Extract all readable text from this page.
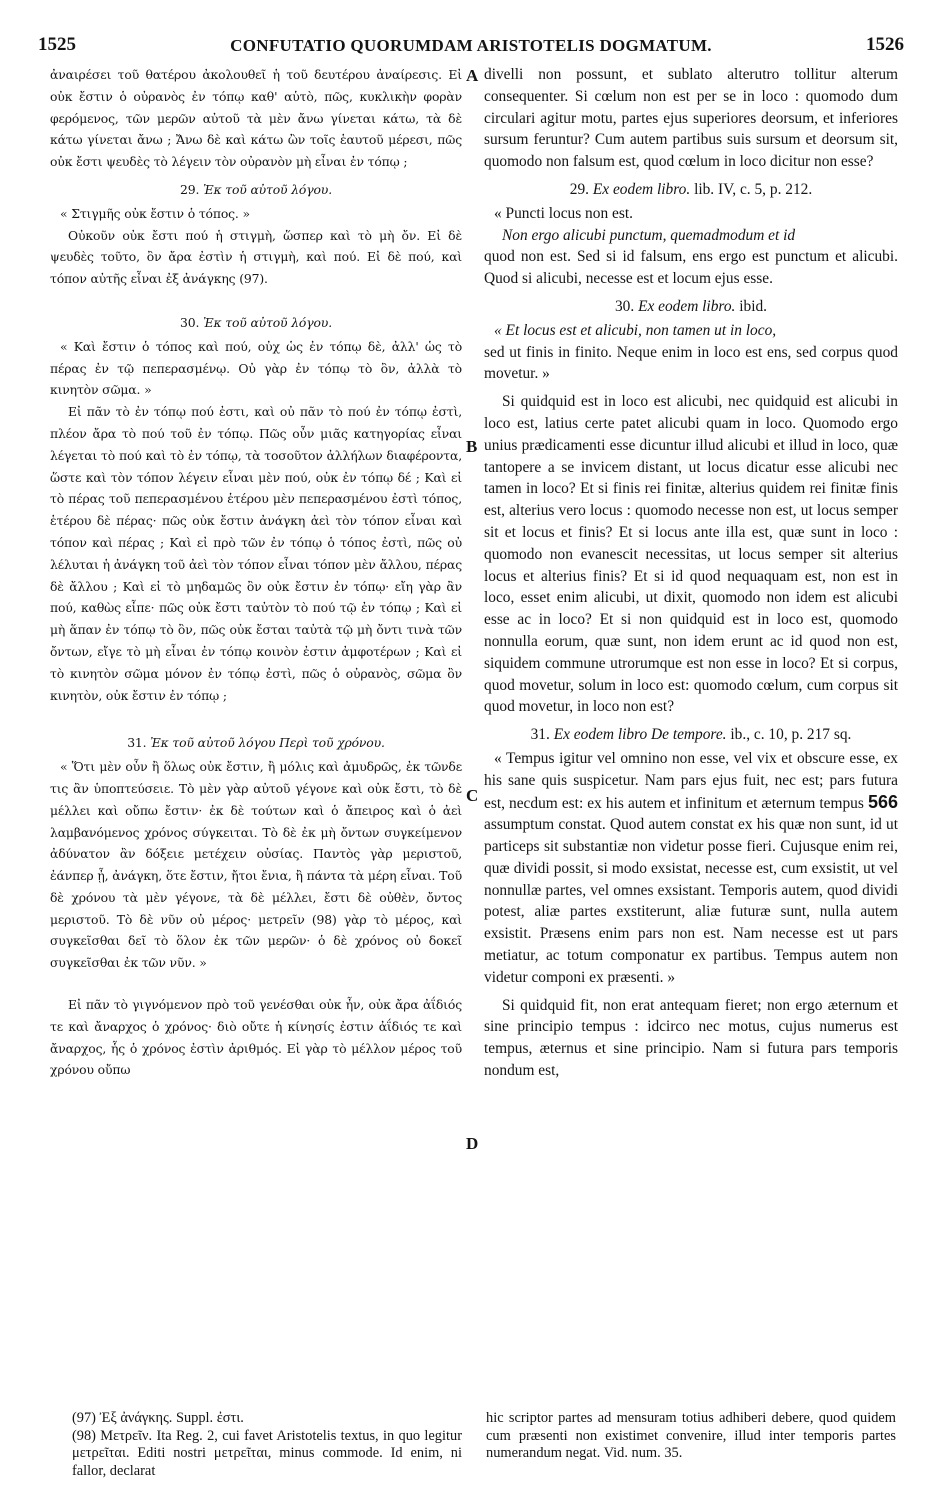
1525	CONFUTATIO QUORUMDAM ARISTOTELIS DOGMATUM.	1526
A
B
C
D

ἀναιρέσει τοῦ θατέρου ἀκολουθεῖ ἡ τοῦ δευτέρου ἀναίρεσις. Εἰ οὐκ ἔστιν ὁ οὐρανὸς ἐν τόπῳ καθ' αὑτὸ, πῶς, κυκλικὴν φορὰν φερόμενος, τῶν μερῶν αὐτοῦ τὰ μὲν ἄνω γίνεται κάτω, τὰ δὲ κάτω γίνεται ἄνω ; Ἄνω δὲ καὶ κάτω ὢν τοῖς ἑαυτοῦ μέρεσι, πῶς οὐκ ἔστι ψευδὲς τὸ λέγειν τὸν οὐρανὸν μὴ εἶναι ἐν τόπῳ ;

29. Ἐκ τοῦ αὐτοῦ λόγου.

« Στιγμῆς οὐκ ἔστιν ὁ τόπος. »

Οὐκοῦν οὐκ ἔστι πού ἡ στιγμὴ, ὥσπερ καὶ τὸ μὴ ὄν. Εἰ δὲ ψευδὲς τοῦτο, ὂν ἄρα ἐστὶν ἡ στιγμὴ, καὶ πού. Εἰ δὲ πού, καὶ τόπον αὐτῆς εἶναι ἐξ ἀνάγκης (97).

30. Ἐκ τοῦ αὐτοῦ λόγου.

« Καὶ ἔστιν ὁ τόπος καὶ πού, οὐχ ὡς ἐν τόπῳ δὲ, ἀλλ' ὡς τὸ πέρας ἐν τῷ πεπερασμένῳ. Οὐ γὰρ ἐν τόπῳ τὸ ὂν, ἀλλὰ τὸ κινητὸν σῶμα. »

Εἰ πᾶν τὸ ἐν τόπῳ πού ἐστι, καὶ οὐ πᾶν τὸ πού ἐν τόπῳ ἐστὶ, πλέον ἄρα τὸ πού τοῦ ἐν τόπῳ. Πῶς οὖν μιᾶς κατηγορίας εἶναι λέγεται τὸ πού καὶ τὸ ἐν τόπῳ, τὰ τοσοῦτον ἀλλήλων διαφέροντα, ὥστε καὶ τὸν τόπον λέγειν εἶναι μὲν πού, οὐκ ἐν τόπῳ δέ ; Καὶ εἰ τὸ πέρας τοῦ πεπερασμένου ἑτέρου μὲν πεπερασμένου ἐστὶ τόπος, ἑτέρου δὲ πέρας· πῶς οὐκ ἔστιν ἀνάγκη ἀεὶ τὸν τόπον εἶναι καὶ τόπον καὶ πέρας ; Καὶ εἰ πρὸ τῶν ἐν τόπῳ ὁ τόπος ἐστὶ, πῶς οὐ λέλυται ἡ ἀνάγκη τοῦ ἀεὶ τὸν τόπον εἶναι τόπον μὲν ἄλλου, πέρας δὲ ἄλλου ; Καὶ εἰ τὸ μηδαμῶς ὂν οὐκ ἔστιν ἐν τόπῳ· εἴη γὰρ ἂν πού, καθὼς εἶπε· πῶς οὐκ ἔστι ταὐτὸν τὸ πού τῷ ἐν τόπῳ ; Καὶ εἰ μὴ ἅπαν ἐν τόπῳ τὸ ὂν, πῶς οὐκ ἔσται ταὐτὰ τῷ μὴ ὄντι τινὰ τῶν ὄντων, εἴγε τὸ μὴ εἶναι ἐν τόπῳ κοινὸν ἐστιν ἀμφοτέρων ; Καὶ εἰ τὸ κινητὸν σῶμα μόνον ἐν τόπῳ ἐστὶ, πῶς ὁ οὐρανὸς, σῶμα ὂν κινητὸν, οὐκ ἔστιν ἐν τόπῳ ;

31. Ἐκ τοῦ αὐτοῦ λόγου Περὶ τοῦ χρόνου.

« Ὅτι μὲν οὖν ἢ ὅλως οὐκ ἔστιν, ἢ μόλις καὶ ἀμυδρῶς, ἐκ τῶνδε τις ἂν ὑποπτεύσειε. Τὸ μὲν γὰρ αὐτοῦ γέγονε καὶ οὐκ ἔστι, τὸ δὲ μέλλει καὶ οὔπω ἔστιν· ἐκ δὲ τούτων καὶ ὁ ἄπειρος καὶ ὁ ἀεὶ λαμβανόμενος χρόνος σύγκειται. Τὸ δὲ ἐκ μὴ ὄντων συγκείμενον ἀδύνατον ἂν δόξειε μετέχειν οὐσίας. Παντὸς γὰρ μεριστοῦ, ἐάνπερ ᾖ, ἀνάγκη, ὅτε ἔστιν, ἤτοι ἔνια, ἢ πάντα τὰ μέρη εἶναι. Τοῦ δὲ χρόνου τὰ μὲν γέγονε, τὰ δὲ μέλλει, ἔστι δὲ οὐθὲν, ὄντος μεριστοῦ. Τὸ δὲ νῦν οὐ μέρος· μετρεῖν (98) γὰρ τὸ μέρος, καὶ συγκεῖσθαι δεῖ τὸ ὅλον ἐκ τῶν μερῶν· ὁ δὲ χρόνος οὐ δοκεῖ συγκεῖσθαι ἐκ τῶν νῦν. »

Εἰ πᾶν τὸ γιγνόμενον πρὸ τοῦ γενέσθαι οὐκ ἦν, οὐκ ἄρα ἀΐδιός τε καὶ ἄναρχος ὁ χρόνος· διὸ οὔτε ἡ κίνησίς ἐστιν ἀΐδιός τε καὶ ἄναρχος, ἧς ὁ χρόνος ἐστὶν ἀριθμός. Εἰ γὰρ τὸ μέλλον μέρος τοῦ χρόνου οὔπω

divelli non possunt, et sublato alterutro tollitur alterum consequenter. Si cœlum non est per se in loco : quomodo dum circulari agitur motu, partes ejus superiores deorsum, et inferiores sursum feruntur? Cum autem partibus suis sursum et deorsum sit, quomodo non falsum est, quod cœlum in loco dicitur non esse?

29. Ex eodem libro. lib. IV, c. 5, p. 212.

« Puncti locus non est.

Non ergo alicubi punctum, quemadmodum et id

quod non est. Sed si id falsum, ens ergo est punctum et alicubi. Quod si alicubi, necesse est et locum ejus esse.

30. Ex eodem libro. ibid.

« Et locus est et alicubi, non tamen ut in loco,

sed ut finis in finito. Neque enim in loco est ens, sed corpus quod movetur. »

Si quidquid est in loco est alicubi, nec quidquid est alicubi in loco est, latius certe patet alicubi quam in loco. Quomodo ergo unius prædicamenti esse dicuntur illud alicubi et illud in loco, quæ tantopere a se invicem distant, ut locus dicatur esse alicubi nec tamen in loco? Et si finis rei finitæ, alterius quidem rei finitæ finis est, alterius vero locus : quomodo necesse non est, ut locus semper sit et locus et finis? Et si locus ante illa est, quæ sunt in loco : quomodo non evanescit necessitas, ut locus semper sit alterius locus et alterius finis? Et si id quod nequaquam est, non est in loco, esset enim alicubi, ut dixit, quomodo non idem est alicubi esse ac in loco? Et si non quidquid est in loco est, quomodo nonnulla eorum, quæ sunt, non idem erunt ac id quod non est, siquidem commune utrorumque est non esse in loco? Et si corpus, quod movetur, solum in loco est: quomodo cœlum, cum corpus sit quod movetur, in loco non est?

31. Ex eodem libro De tempore. ib., c. 10, p. 217 sq.

« Tempus igitur vel omnino non esse, vel vix et obscure esse, ex his sane quis suspicetur. Nam pars ejus fuit, nec est; pars futura est, necdum est: ex his autem et infinitum et æternum tempus 566 assumptum constat. Quod autem constat ex his quæ non sunt, id ut particeps sit substantiæ non videtur posse fieri. Cujusque enim rei, quæ dividi possit, si modo exsistat, necesse est, cum exsistit, ut vel nonnullæ partes, vel omnes exsistant. Temporis autem, quod dividi potest, aliæ partes exstiterunt, aliæ futuræ sunt, nulla autem exsistit. Præsens enim pars non est. Nam necesse est ut pars metiatur, ac totum componatur ex partibus. Tempus autem non videtur componi ex præsenti. »

Si quidquid fit, non erat antequam fieret; non ergo æternum et sine principio tempus : idcirco nec motus, cujus numerus est tempus, æternus et sine principio. Nam si futura pars temporis nondum est,

(97) Ἐξ ἀνάγκης. Suppl. ἐστι.

(98) Μετρεῖν. Ita Reg. 2, cui favet Aristotelis textus, in quo legitur μετρεῖται. Editi nostri μετρεῖται, minus commode. Id enim, ni fallor, declarat

hic scriptor partes ad mensuram totius adhiberi debere, quod quidem cum præsenti non existimet convenire, illud inter temporis partes numerandum negat. Vid. num. 35.
